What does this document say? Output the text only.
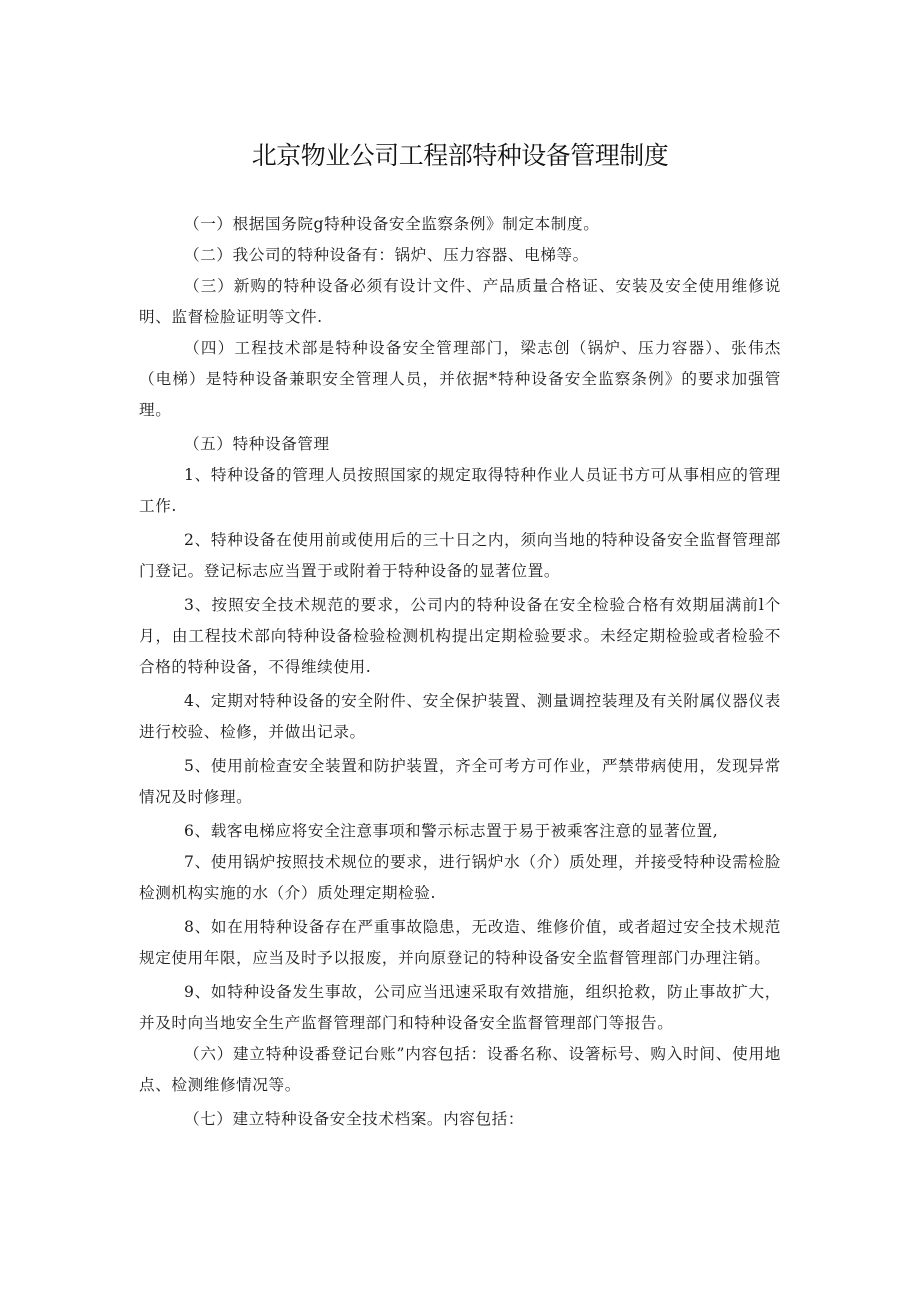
北京物业公司工程部特种设备管理制度

（一）根据国务院g特种设备安全监察条例》制定本制度。

（二）我公司的特种设备有：锅炉、压力容器、电梯等。

（三）新购的特种设备必须有设计文件、产品质量合格证、安装及安全使用维修说明、监督检脸证明等文件.

（四）工程技术部是特种设备安全管理部门，梁志创（锅炉、压力容器）、张伟杰（电梯）是特种设备兼职安全管理人员，并依据*特种设备安全监察条例》的要求加强管理。

（五）特种设备管理

1、特种设备的管理人员按照国家的规定取得特种作业人员证书方可从事相应的管理工作.

2、特种设备在使用前或使用后的三十日之内，须向当地的特种设备安全监督管理部门登记。登记标志应当置于或附着于特种设备的显著位置。

3、按照安全技术规范的要求，公司内的特种设备在安全检验合格有效期届满前l个月，由工程技术部向特种设备检验检测机构提出定期检验要求。未经定期检验或者检验不合格的特种设备，不得维续使用.

4、定期对特种设备的安全附件、安全保护装置、测量调控装理及有关附属仪器仪表进行校验、检修，并做出记录。

5、使用前检查安全装置和防护装置，齐全可考方可作业，严禁带病使用，发现异常情况及时修理。

6、载客电梯应将安全注意事项和警示标志置于易于被乘客注意的显著位置,

7、使用锅炉按照技术规位的要求，进行锅炉水（介）质处理，并接受特种设需检脸检测机构实施的水（介）质处理定期检验.

8、如在用特种设备存在严重事故隐患，无改造、维修价值，或者超过安全技术规范规定使用年限，应当及时予以报废，并向原登记的特种设备安全监督管理部门办理注销。

9、如特种设备发生事故，公司应当迅速采取有效措施，组织抢救，防止事故扩大，并及时向当地安全生产监督管理部门和特种设备安全监督管理部门等报告。

（六）建立特种设番登记台账”内容包括：设番名称、设箸标号、购入时间、使用地点、检测维修情况等。

（七）建立特种设备安全技术档案。内容包括：
